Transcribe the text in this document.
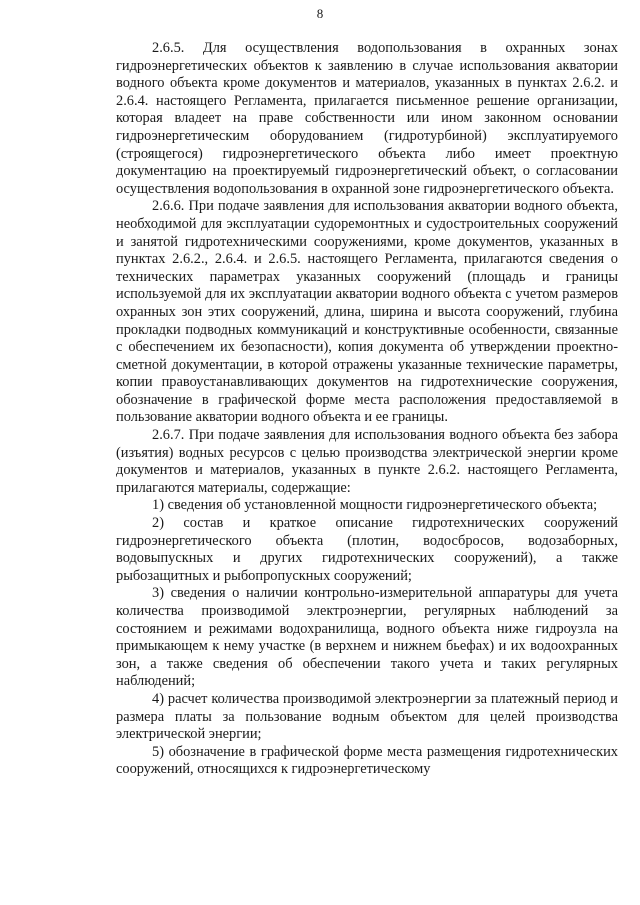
8

2.6.5. Для осуществления водопользования в охранных зонах гидроэнергетических объектов к заявлению в случае использования акватории водного объекта кроме документов и материалов, указанных в пунктах 2.6.2. и 2.6.4. настоящего Регламента, прилагается письменное решение организации, которая владеет на праве собственности или ином законном основании гидроэнергетическим оборудованием (гидротурбиной) эксплуатируемого (строящегося) гидроэнергетического объекта либо имеет проектную документацию на проектируемый гидроэнергетический объект, о согласовании осуществления водопользования в охранной зоне гидроэнергетического объекта.

2.6.6. При подаче заявления для использования акватории водного объекта, необходимой для эксплуатации судоремонтных и судостроительных сооружений и занятой гидротехническими сооружениями, кроме документов, указанных в пунктах 2.6.2., 2.6.4. и 2.6.5. настоящего Регламента, прилагаются сведения о технических параметрах указанных сооружений (площадь и границы используемой для их эксплуатации акватории водного объекта с учетом размеров охранных зон этих сооружений, длина, ширина и высота сооружений, глубина прокладки подводных коммуникаций и конструктивные особенности, связанные с обеспечением их безопасности), копия документа об утверждении проектно-сметной документации, в которой отражены указанные технические параметры, копии правоустанавливающих документов на гидротехнические сооружения, обозначение в графической форме места расположения предоставляемой в пользование акватории водного объекта и ее границы.

2.6.7. При подаче заявления для использования водного объекта без забора (изъятия) водных ресурсов с целью производства электрической энергии кроме документов и материалов, указанных в пункте 2.6.2. настоящего Регламента, прилагаются материалы, содержащие:

1) сведения об установленной мощности гидроэнергетического объекта;

2) состав и краткое описание гидротехнических сооружений гидроэнергетического объекта (плотин, водосбросов, водозаборных, водовыпускных и других гидротехнических сооружений), а также рыбозащитных и рыбопропускных сооружений;

3) сведения о наличии контрольно-измерительной аппаратуры для учета количества производимой электроэнергии, регулярных наблюдений за состоянием и режимами водохранилища, водного объекта ниже гидроузла на примыкающем к нему участке (в верхнем и нижнем бьефах) и их водоохранных зон, а также сведения об обеспечении такого учета и таких регулярных наблюдений;

4) расчет количества производимой электроэнергии за платежный период и размера платы за пользование водным объектом для целей производства электрической энергии;

5) обозначение в графической форме места размещения гидротехнических сооружений, относящихся к гидроэнергетическому
